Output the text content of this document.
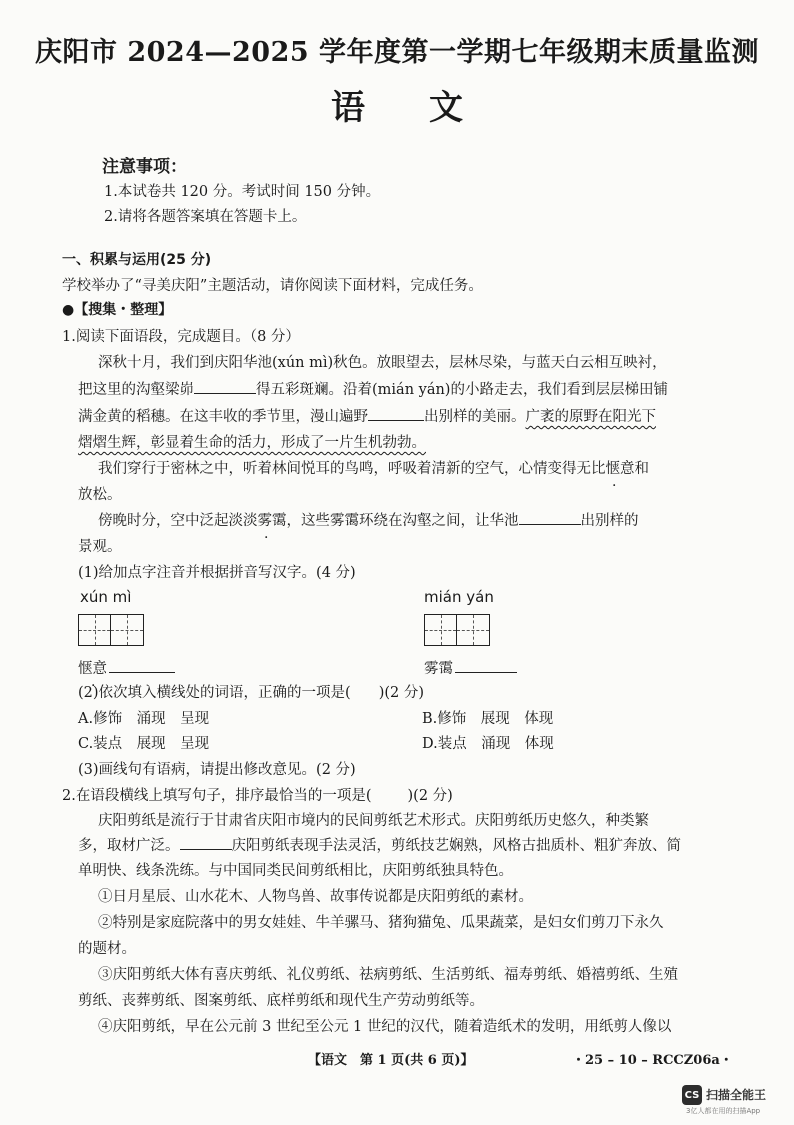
庆阳市 2024—2025 学年度第一学期七年级期末质量监测
语文
注意事项：
1.本试卷共 120 分。考试时间 150 分钟。
2.请将各题答案填在答题卡上。
一、积累与运用(25 分)
学校举办了“寻美庆阳”主题活动，请你阅读下面材料，完成任务。
●【搜集・整理】
1.阅读下面语段，完成题目。（8 分）
深秋十月，我们到庆阳华池(xún mì)秋色。放眼望去，层林尽染，与蓝天白云相互映衬，
把这里的沟壑梁峁	得五彩斑斓。沿着(mián yán)的小路走去，我们看到层层梯田铺
满金黄的稻穗。在这丰收的季节里，漫山遍野	出别样的美丽。广袤的原野在阳光下
熠熠生辉，彰显着生命的活力，形成了一片生机勃勃。
我们穿行于密林之中，听着林间悦耳的鸟鸣，呼吸着清新的空气，心情变得无比惬意和
放松。
傍晚时分，空中泛起淡淡雾霭，这些雾霭环绕在沟壑之间，让华池	出别样的
景观。
(1)给加点字注音并根据拼音写汉字。(4 分)
xún mì	mián yán
惬意	雾霭
(2)依次填入横线处的词语，正确的一项是( )(2 分)
A.修饰　涌现　呈现	B.修饰　展现　体现
C.装点　展现　呈现	D.装点　涌现　体现
(3)画线句有语病，请提出修改意见。(2 分)
2.在语段横线上填写句子，排序最恰当的一项是( )(2 分)
庆阳剪纸是流行于甘肃省庆阳市境内的民间剪纸艺术形式。庆阳剪纸历史悠久，种类繁
多，取材广泛。	庆阳剪纸表现手法灵活，剪纸技艺娴熟，风格古拙质朴、粗犷奔放、简
单明快、线条洗练。与中国同类民间剪纸相比，庆阳剪纸独具特色。
①日月星辰、山水花木、人物鸟兽、故事传说都是庆阳剪纸的素材。
②特别是家庭院落中的男女娃娃、牛羊骡马、猪狗猫兔、瓜果蔬菜，是妇女们剪刀下永久
的题材。
③庆阳剪纸大体有喜庆剪纸、礼仪剪纸、祛病剪纸、生活剪纸、福寿剪纸、婚禧剪纸、生殖
剪纸、丧葬剪纸、图案剪纸、底样剪纸和现代生产劳动剪纸等。
④庆阳剪纸，早在公元前 3 世纪至公元 1 世纪的汉代，随着造纸术的发明，用纸剪人像以
【语文　第 1 页(共 6 页)】	・25 – 10 – RCCZ06a・
CS 扫描全能王
3亿人都在用的扫描App
